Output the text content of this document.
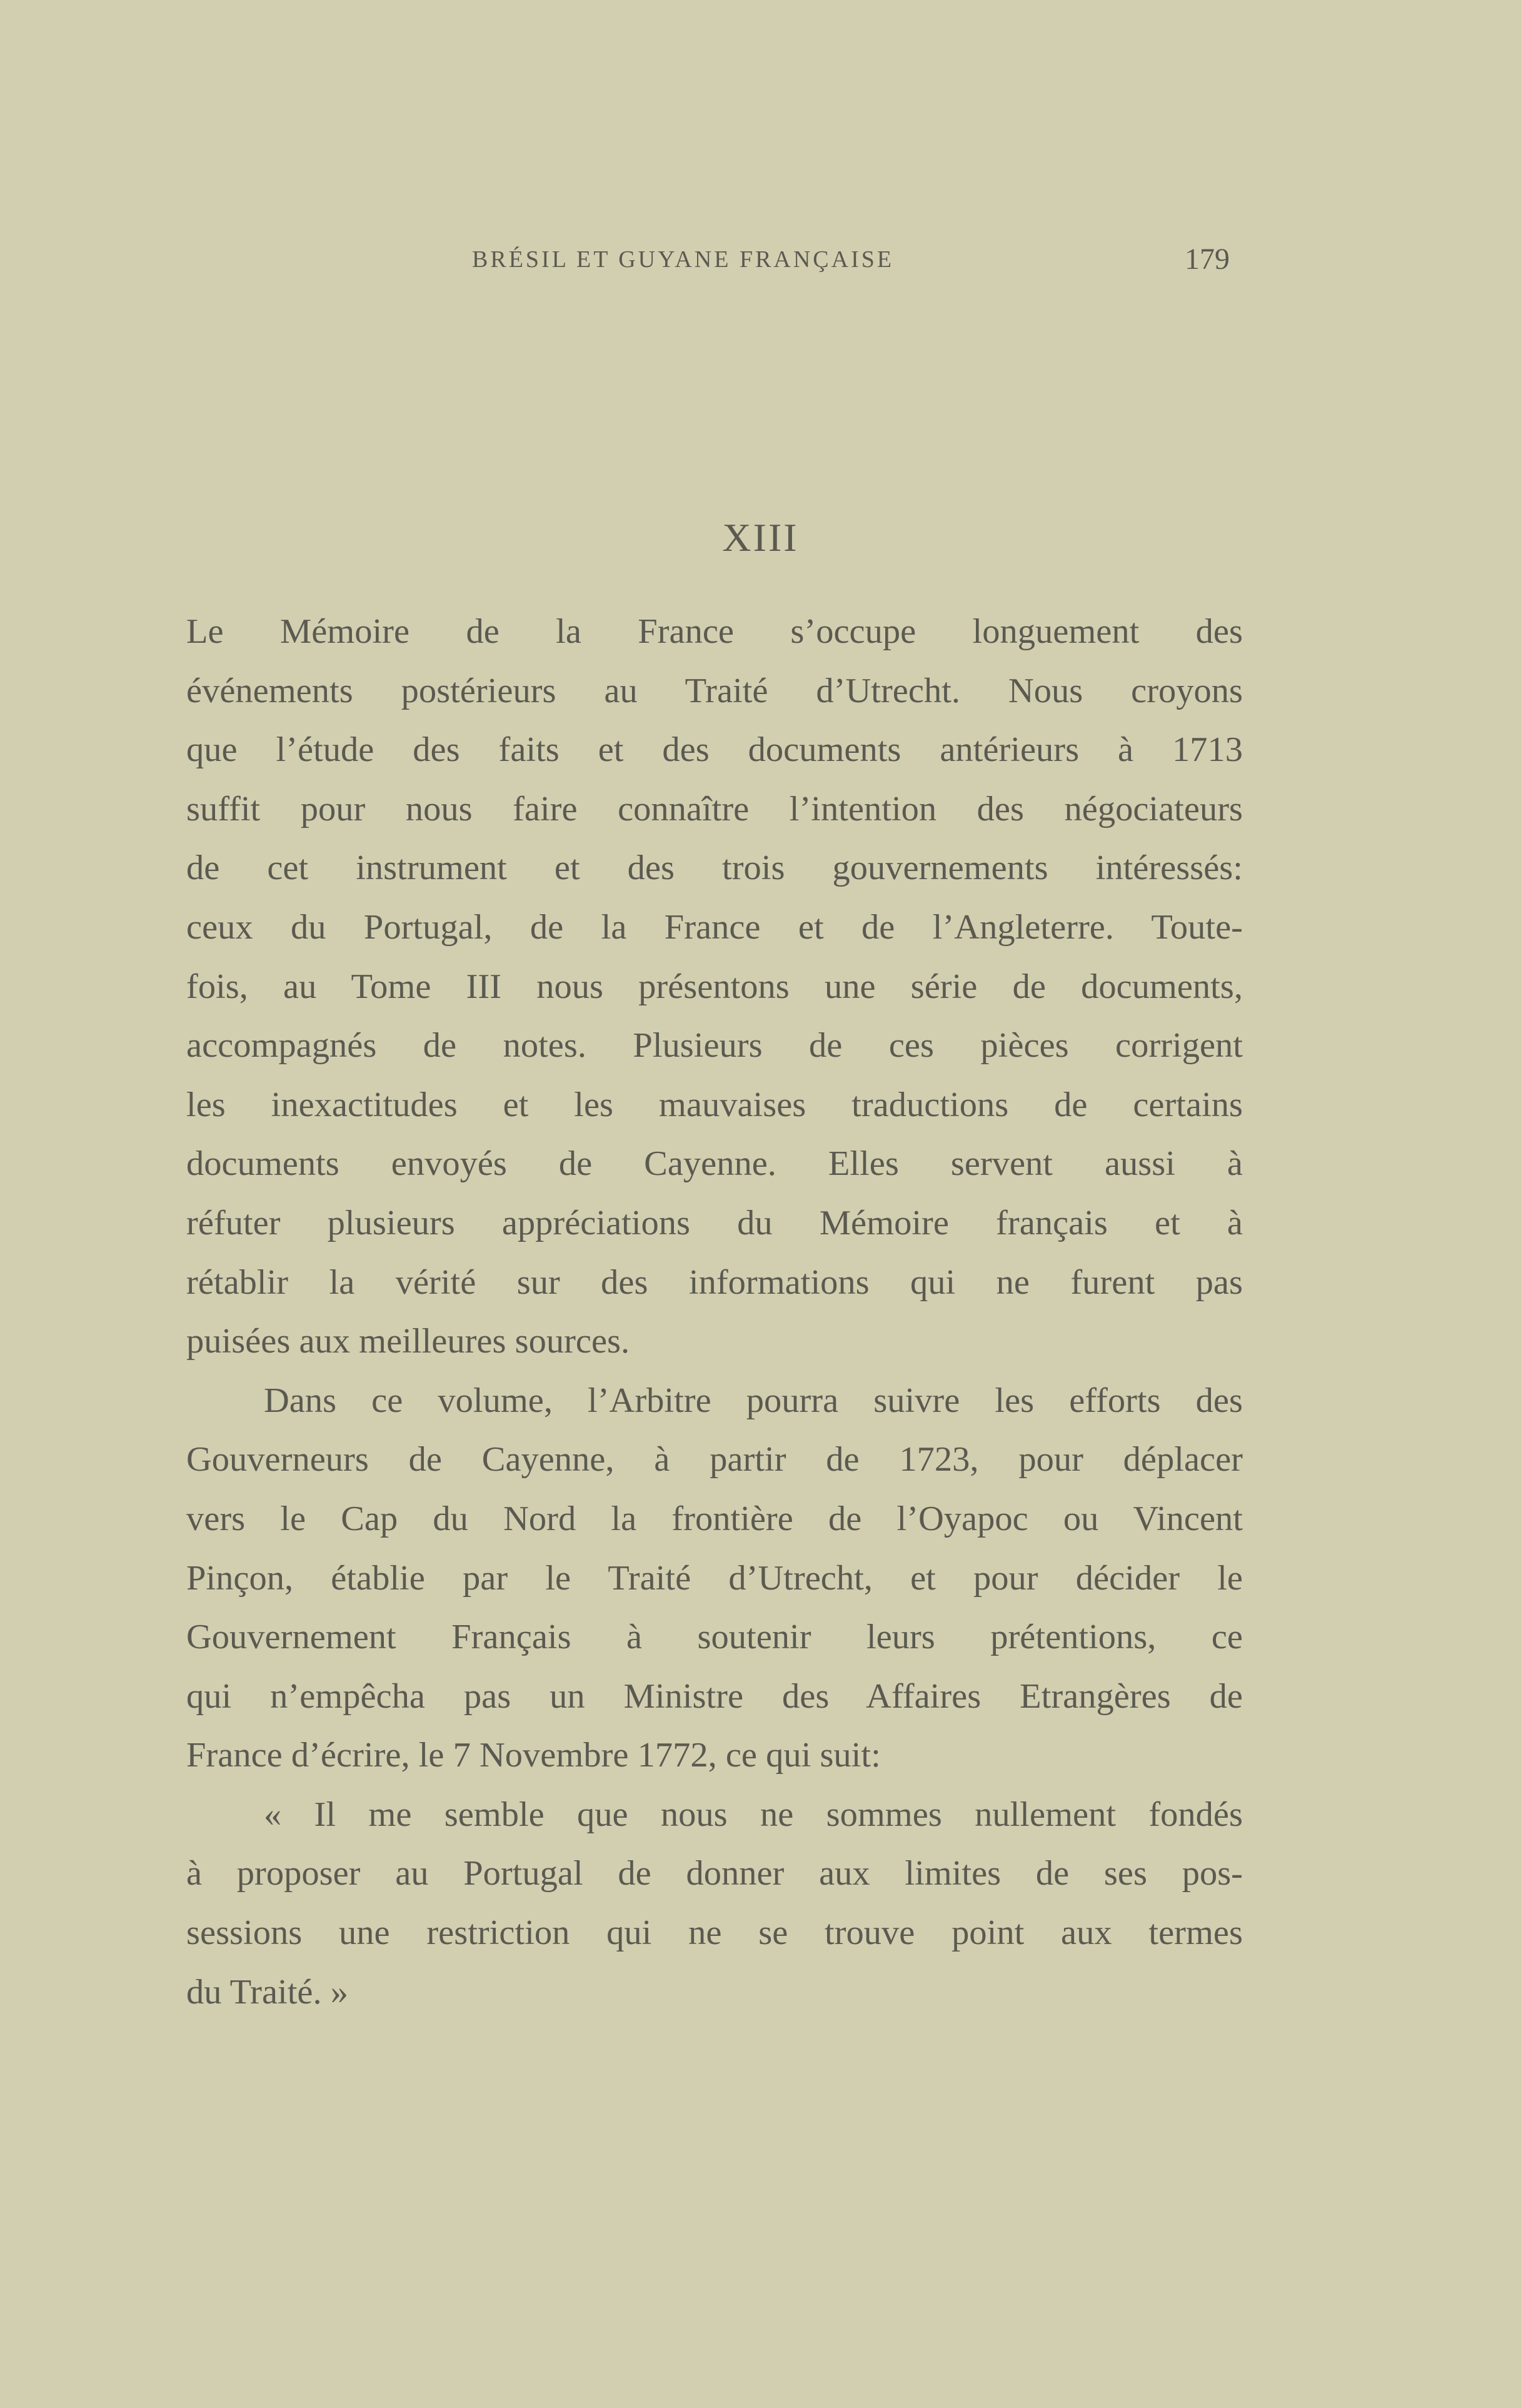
BRÉSIL ET GUYANE FRANÇAISE	179
XIII
Le Mémoire de la France s’occupe longuement des
événements postérieurs au Traité d’Utrecht. Nous croyons
que l’étude des faits et des documents antérieurs à 1713
suffit pour nous faire connaître l’intention des négociateurs
de cet instrument et des trois gouvernements intéressés:
ceux du Portugal, de la France et de l’Angleterre. Toute-
fois, au Tome III nous présentons une série de documents,
accompagnés de notes. Plusieurs de ces pièces corrigent
les inexactitudes et les mauvaises traductions de certains
documents envoyés de Cayenne. Elles servent aussi à
réfuter plusieurs appréciations du Mémoire français et à
rétablir la vérité sur des informations qui ne furent pas
puisées aux meilleures sources.
Dans ce volume, l’Arbitre pourra suivre les efforts des
Gouverneurs de Cayenne, à partir de 1723, pour déplacer
vers le Cap du Nord la frontière de l’Oyapoc ou Vincent
Pinçon, établie par le Traité d’Utrecht, et pour décider le
Gouvernement Français à soutenir leurs prétentions, ce
qui n’empêcha pas un Ministre des Affaires Etrangères de
France d’écrire, le 7 Novembre 1772, ce qui suit:
« Il me semble que nous ne sommes nullement fondés
à proposer au Portugal de donner aux limites de ses pos-
sessions une restriction qui ne se trouve point aux termes
du Traité. »
